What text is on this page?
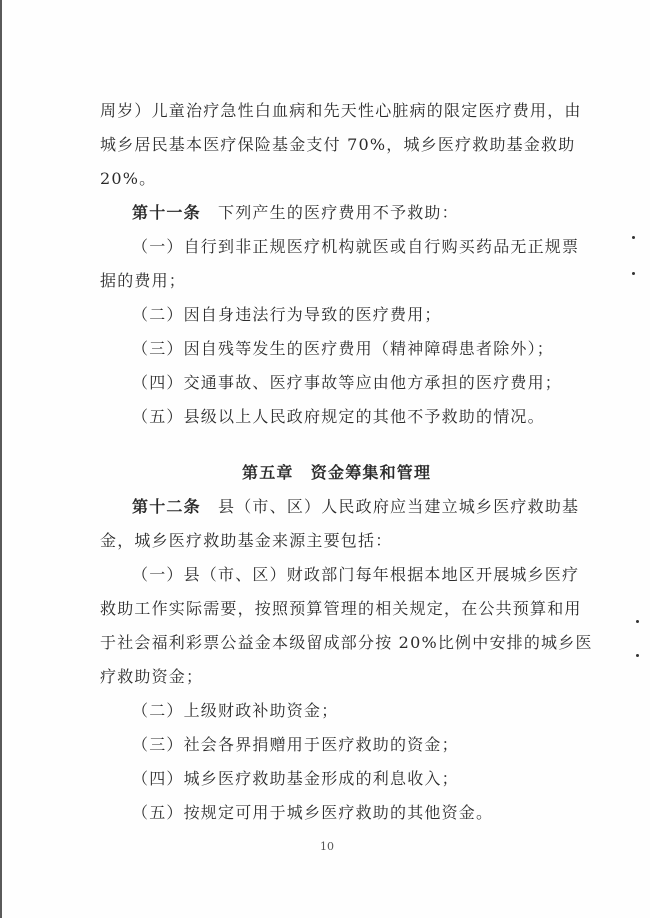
周岁）儿童治疗急性白血病和先天性心脏病的限定医疗费用，由
城乡居民基本医疗保险基金支付 70%，城乡医疗救助基金救助
20%。
第十一条　 下列产生的医疗费用不予救助：
（一）自行到非正规医疗机构就医或自行购买药品无正规票
据的费用；
（二）因自身违法行为导致的医疗费用；
（三）因自残等发生的医疗费用（精神障碍患者除外）；
（四）交通事故、医疗事故等应由他方承担的医疗费用；
（五）县级以上人民政府规定的其他不予救助的情况。
第五章　资金筹集和管理
第十二条　 县（市、区）人民政府应当建立城乡医疗救助基
金，城乡医疗救助基金来源主要包括：
（一）县（市、区）财政部门每年根据本地区开展城乡医疗
救助工作实际需要，按照预算管理的相关规定，在公共预算和用
于社会福利彩票公益金本级留成部分按 20%比例中安排的城乡医
疗救助资金；
（二）上级财政补助资金；
（三）社会各界捐赠用于医疗救助的资金；
（四）城乡医疗救助基金形成的利息收入；
（五）按规定可用于城乡医疗救助的其他资金。
10
